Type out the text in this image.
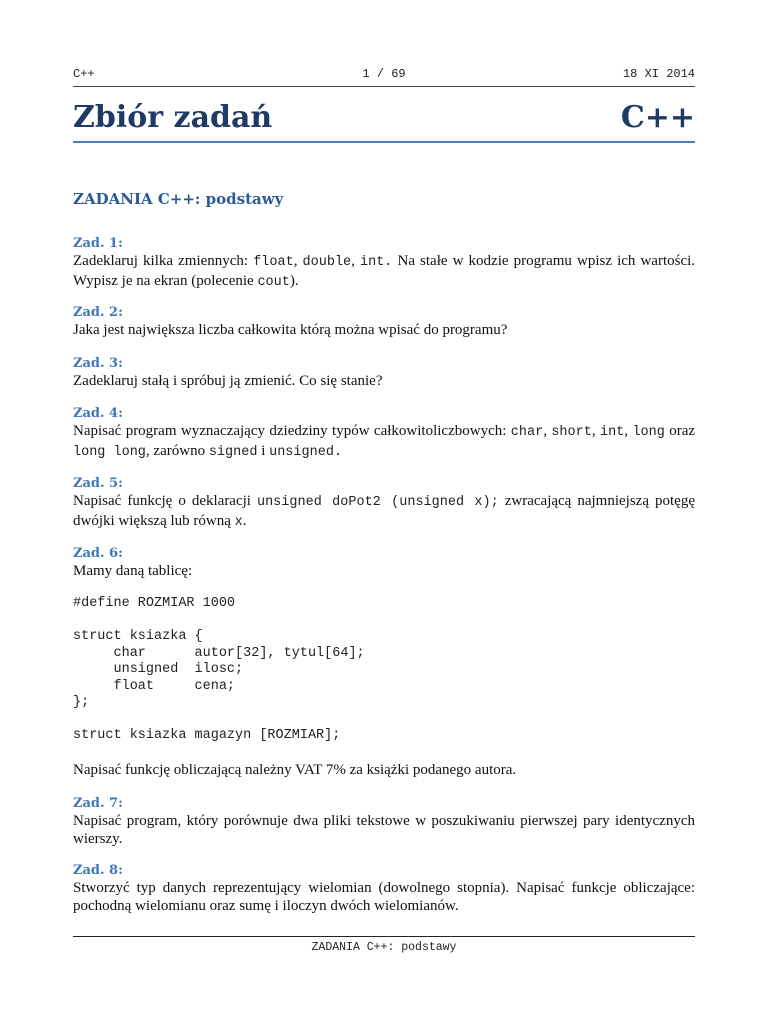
C++	1 / 69	18 XI 2014
Zbiór zadań	C++
ZADANIA C++: podstawy
Zad. 1:
Zadeklaruj kilka zmiennych: float, double, int. Na stałe w kodzie programu wpisz ich wartości. Wypisz je na ekran (polecenie cout).
Zad. 2:
Jaka jest największa liczba całkowita którą można wpisać do programu?
Zad. 3:
Zadeklaruj stałą i spróbuj ją zmienić. Co się stanie?
Zad. 4:
Napisać program wyznaczający dziedziny typów całkowitoliczbowych: char, short, int, long oraz long long, zarówno signed i unsigned.
Zad. 5:
Napisać funkcję o deklaracji unsigned doPot2 (unsigned x); zwracającą najmniejszą potęgę dwójki większą lub równą x.
Zad. 6:
Mamy daną tablicę:
#define ROZMIAR 1000

struct ksiazka {
char      autor[32], tytul[64];
unsigned  ilosc;
float     cena;
};

struct ksiazka magazyn [ROZMIAR];
Napisać funkcję obliczającą należny VAT 7% za książki podanego autora.
Zad. 7:
Napisać program, który porównuje dwa pliki tekstowe w poszukiwaniu pierwszej pary identycznych wierszy.
Zad. 8:
Stworzyć typ danych reprezentujący wielomian (dowolnego stopnia). Napisać funkcje obliczające: pochodną wielomianu oraz sumę i iloczyn dwóch wielomianów.
ZADANIA C++: podstawy
